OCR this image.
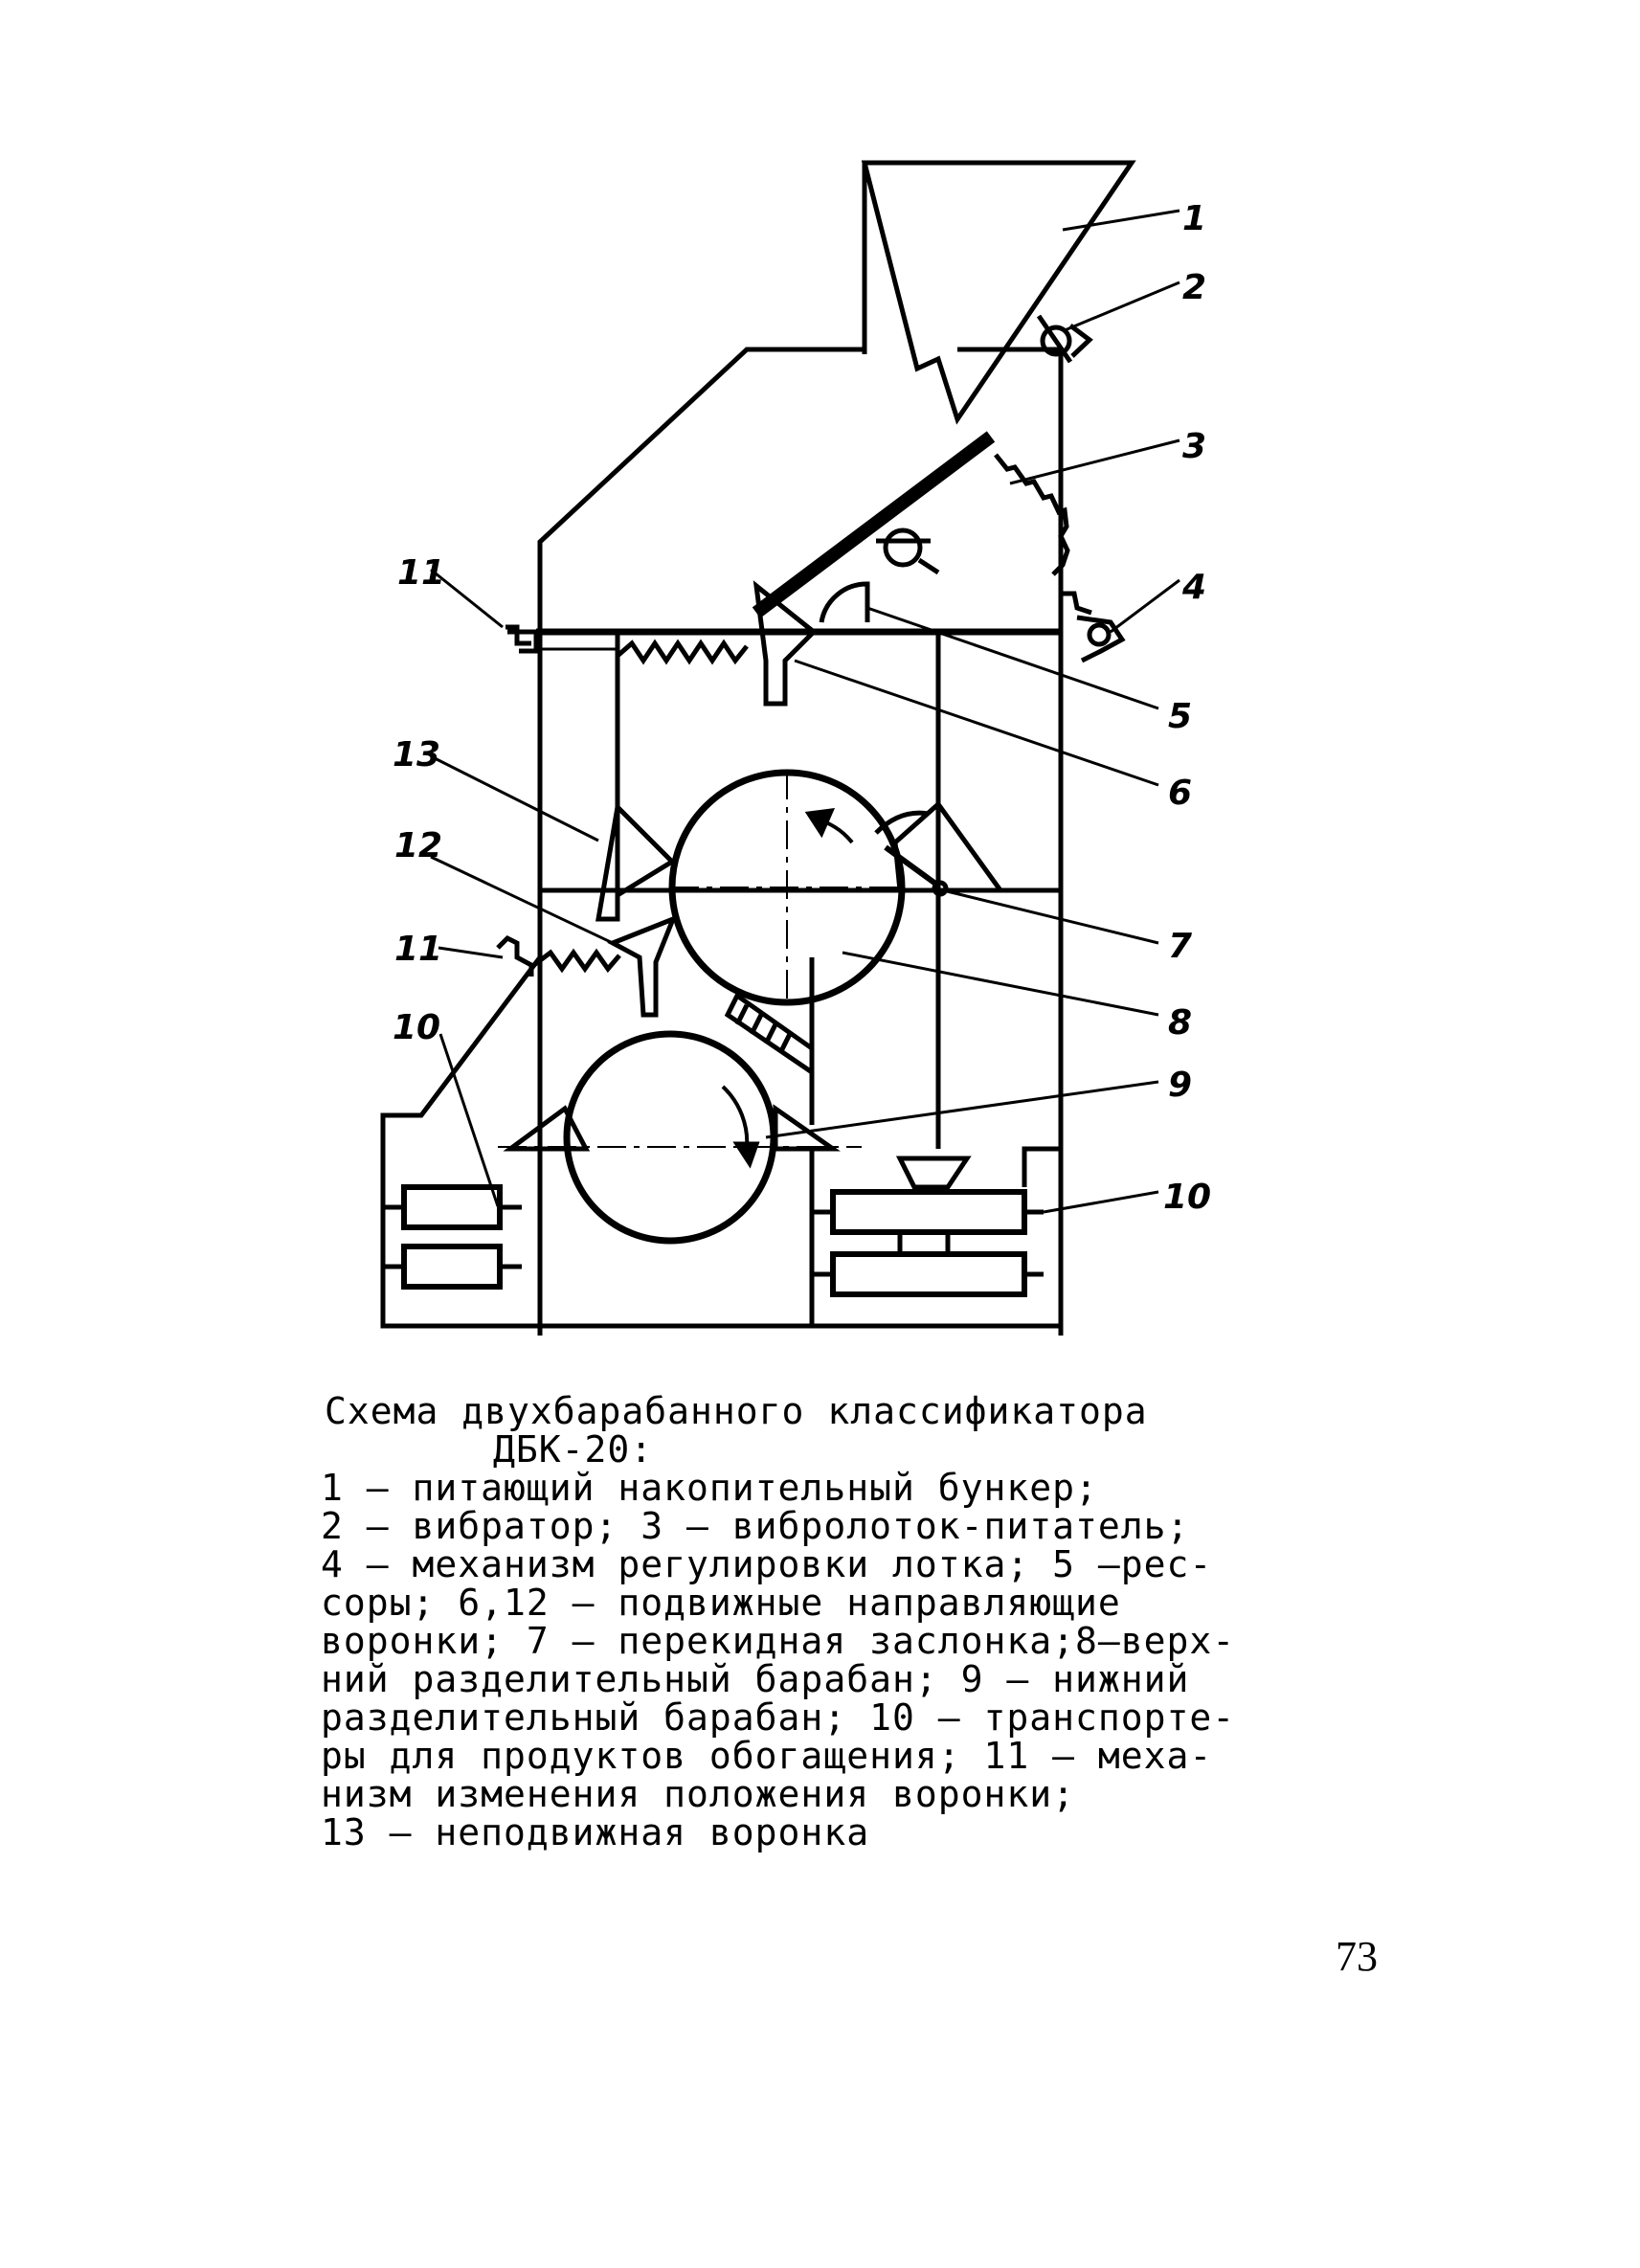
1
2
3
4
5
6
7
8
9
10
10
11
12
13
11
Схема двухбарабанного классификатора
ДБК-20:
1 – питающий накопительный бункер;
2 – вибратор; 3 – вибролоток-питатель;
4 – механизм регулировки лотка; 5 –рес-
соры; 6,12 – подвижные направляющие
воронки; 7 – перекидная заслонка;8–верх-
ний разделительный барабан; 9 – нижний
разделительный барабан; 10 – транспорте-
ры для продуктов обогащения; 11 – меха-
низм изменения положения воронки;
13 – неподвижная воронка
73
